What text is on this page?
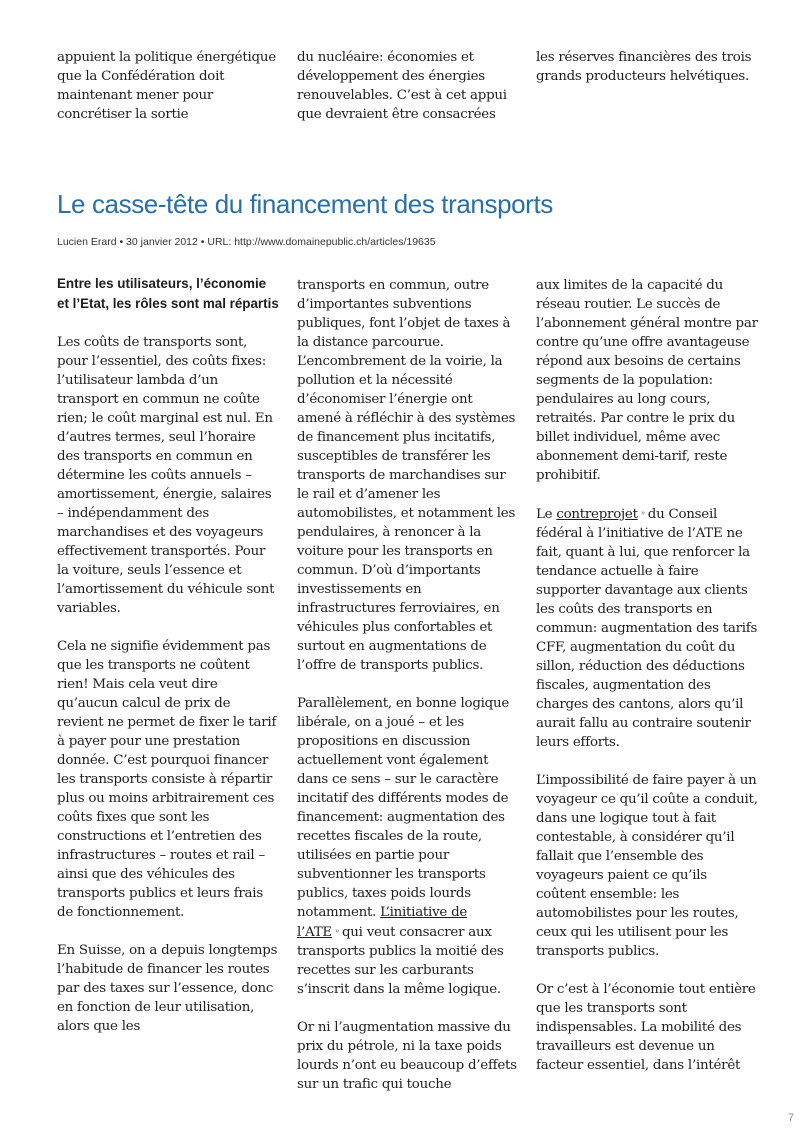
appuient la politique énergétique que la Confédération doit maintenant mener pour concrétiser la sortie

du nucléaire: économies et développement des énergies renouvelables. C’est à cet appui que devraient être consacrées

les réserves financières des trois grands producteurs helvétiques.

Le casse-tête du financement des transports
Lucien Erard • 30 janvier 2012 • URL: http://www.domainepublic.ch/articles/19635

Entre les utilisateurs, l’économie et l’Etat, les rôles sont mal répartis

Les coûts de transports sont, pour l’essentiel, des coûts fixes: l’utilisateur lambda d’un transport en commun ne coûte rien; le coût marginal est nul. En d’autres termes, seul l’horaire des transports en commun en détermine les coûts annuels – amortissement, énergie, salaires – indépendamment des marchandises et des voyageurs effectivement transportés. Pour la voiture, seuls l’essence et l’amortissement du véhicule sont variables.

Cela ne signifie évidemment pas que les transports ne coûtent rien! Mais cela veut dire qu’aucun calcul de prix de revient ne permet de fixer le tarif à payer pour une prestation donnée. C’est pourquoi financer les transports consiste à répartir plus ou moins arbitrairement ces coûts fixes que sont les constructions et l’entretien des infrastructures – routes et rail – ainsi que des véhicules des transports publics et leurs frais de fonctionnement.

En Suisse, on a depuis longtemps l’habitude de financer les routes par des taxes sur l’essence, donc en fonction de leur utilisation, alors que les

transports en commun, outre d’importantes subventions publiques, font l’objet de taxes à la distance parcourue. L’encombrement de la voirie, la pollution et la nécessité d’économiser l’énergie ont amené à réfléchir à des systèmes de financement plus incitatifs, susceptibles de transférer les transports de marchandises sur le rail et d’amener les automobilistes, et notamment les pendulaires, à renoncer à la voiture pour les transports en commun. D’où d’importants investissements en infrastructures ferroviaires, en véhicules plus confortables et surtout en augmentations de l’offre de transports publics.

Parallèlement, en bonne logique libérale, on a joué – et les propositions en discussion actuellement vont également dans ce sens – sur le caractère incitatif des différents modes de financement: augmentation des recettes fiscales de la route, utilisées en partie pour subventionner les transports publics, taxes poids lourds notamment. L’initiative de l’ATE » qui veut consacrer aux transports publics la moitié des recettes sur les carburants s’inscrit dans la même logique.

Or ni l’augmentation massive du prix du pétrole, ni la taxe poids lourds n’ont eu beaucoup d’effets sur un trafic qui touche

aux limites de la capacité du réseau routier. Le succès de l’abonnement général montre par contre qu’une offre avantageuse répond aux besoins de certains segments de la population: pendulaires au long cours, retraités. Par contre le prix du billet individuel, même avec abonnement demi-tarif, reste prohibitif.

Le contreprojet » du Conseil fédéral à l’initiative de l’ATE ne fait, quant à lui, que renforcer la tendance actuelle à faire supporter davantage aux clients les coûts des transports en commun: augmentation des tarifs CFF, augmentation du coût du sillon, réduction des déductions fiscales, augmentation des charges des cantons, alors qu’il aurait fallu au contraire soutenir leurs efforts.

L’impossibilité de faire payer à un voyageur ce qu’il coûte a conduit, dans une logique tout à fait contestable, à considérer qu’il fallait que l’ensemble des voyageurs paient ce qu’ils coûtent ensemble: les automobilistes pour les routes, ceux qui les utilisent pour les transports publics.

Or c’est à l’économie tout entière que les transports sont indispensables. La mobilité des travailleurs est devenue un facteur essentiel, dans l’intérêt

7
